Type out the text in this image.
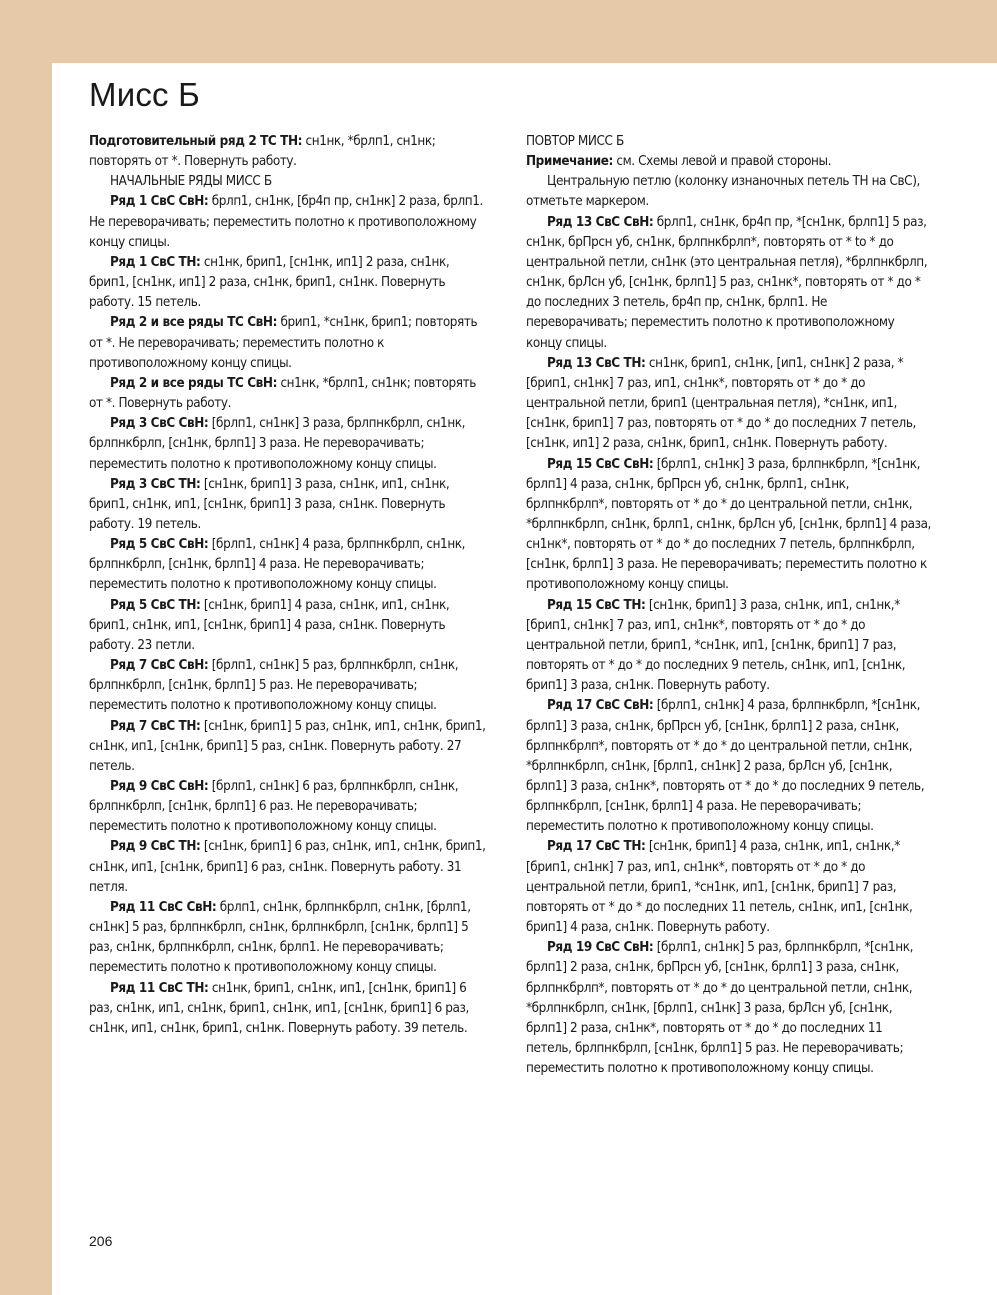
Мисс Б

Подготовительный ряд 2 ТС ТН: сн1нк, *брлп1, сн1нк; повторять от *. Повернуть работу.

НАЧАЛЬНЫЕ РЯДЫ МИСС Б

Ряд 1 СвС СвН: брлп1, сн1нк, [бр4п пр, сн1нк] 2 раза, брлп1. Не переворачивать; переместить полотно к противоположному концу спицы.

Ряд 1 СвС ТН: сн1нк, брип1, [сн1нк, ип1] 2 раза, сн1нк, брип1, [сн1нк, ип1] 2 раза, сн1нк, брип1, сн1нк. Повернуть работу. 15 петель.

Ряд 2 и все ряды ТС СвН: брип1, *сн1нк, брип1; повторять от *. Не переворачивать; переместить полотно к противоположному концу спицы.

Ряд 2 и все ряды ТС СвН: сн1нк, *брлп1, сн1нк; повторять от *. Повернуть работу.

Ряд 3 СвС СвН: [брлп1, сн1нк] 3 раза, брлпнкбрлп, сн1нк, брлпнкбрлп, [сн1нк, брлп1] 3 раза. Не переворачивать; переместить полотно к противоположному концу спицы.

Ряд 3 СвС ТН: [сн1нк, брип1] 3 раза, сн1нк, ип1, сн1нк, брип1, сн1нк, ип1, [сн1нк, брип1] 3 раза, сн1нк. Повернуть работу. 19 петель.

Ряд 5 СвС СвН: [брлп1, сн1нк] 4 раза, брлпнкбрлп, сн1нк, брлпнкбрлп, [сн1нк, брлп1] 4 раза. Не переворачивать; переместить полотно к противоположному концу спицы.

Ряд 5 СвС ТН: [сн1нк, брип1] 4 раза, сн1нк, ип1, сн1нк, брип1, сн1нк, ип1, [сн1нк, брип1] 4 раза, сн1нк. Повернуть работу. 23 петли.

Ряд 7 СвС СвН: [брлп1, сн1нк] 5 раз, брлпнкбрлп, сн1нк, брлпнкбрлп, [сн1нк, брлп1] 5 раз. Не переворачивать; переместить полотно к противоположному концу спицы.

Ряд 7 СвС ТН: [сн1нк, брип1] 5 раз, сн1нк, ип1, сн1нк, брип1, сн1нк, ип1, [сн1нк, брип1] 5 раз, сн1нк. Повернуть работу. 27 петель.

Ряд 9 СвС СвН: [брлп1, сн1нк] 6 раз, брлпнкбрлп, сн1нк, брлпнкбрлп, [сн1нк, брлп1] 6 раз. Не переворачивать; переместить полотно к противоположному концу спицы.

Ряд 9 СвС ТН: [сн1нк, брип1] 6 раз, сн1нк, ип1, сн1нк, брип1, сн1нк, ип1, [сн1нк, брип1] 6 раз, сн1нк. Повернуть работу. 31 петля.

Ряд 11 СвС СвН: брлп1, сн1нк, брлпнкбрлп, сн1нк, [брлп1, сн1нк] 5 раз, брлпнкбрлп, сн1нк, брлпнкбрлп, [сн1нк, брлп1] 5 раз, сн1нк, брлпнкбрлп, сн1нк, брлп1. Не переворачивать; переместить полотно к противоположному концу спицы.

Ряд 11 СвС ТН: сн1нк, брип1, сн1нк, ип1, [сн1нк, брип1] 6 раз, сн1нк, ип1, сн1нк, брип1, сн1нк, ип1, [сн1нк, брип1] 6 раз, сн1нк, ип1, сн1нк, брип1, сн1нк. Повернуть работу. 39 петель.

ПОВТОР МИСС Б

Примечание: см. Схемы левой и правой стороны.

Центральную петлю (колонку изнаночных петель ТН на СвС), отметьте маркером.

Ряд 13 СвС СвН: брлп1, сн1нк, бр4п пр, *[сн1нк, брлп1] 5 раз, сн1нк, брПрсн уб, сн1нк, брлпнкбрлп*, повторять от * to * до центральной петли, сн1нк (это центральная петля), *брлпнкбрлп, сн1нк, брЛсн уб, [сн1нк, брлп1] 5 раз, сн1нк*, повторять от * до * до последних 3 петель, бр4п пр, сн1нк, брлп1. Не переворачивать; переместить полотно к противоположному концу спицы.

Ряд 13 СвС ТН: сн1нк, брип1, сн1нк, [ип1, сн1нк] 2 раза, *[брип1, сн1нк] 7 раз, ип1, сн1нк*, повторять от * до * до центральной петли, брип1 (центральная петля), *сн1нк, ип1, [сн1нк, брип1] 7 раз, повторять от * до * до последних 7 петель, [сн1нк, ип1] 2 раза, сн1нк, брип1, сн1нк. Повернуть работу.

Ряд 15 СвС СвН: [брлп1, сн1нк] 3 раза, брлпнкбрлп, *[сн1нк, брлп1] 4 раза, сн1нк, брПрсн уб, сн1нк, брлп1, сн1нк, брлпнкбрлп*, повторять от * до * до центральной петли, сн1нк, *брлпнкбрлп, сн1нк, брлп1, сн1нк, брЛсн уб, [сн1нк, брлп1] 4 раза, сн1нк*, повторять от * до * до последних 7 петель, брлпнкбрлп, [сн1нк, брлп1] 3 раза. Не переворачивать; переместить полотно к противоположному концу спицы.

Ряд 15 СвС ТН: [сн1нк, брип1] 3 раза, сн1нк, ип1, сн1нк,*[брип1, сн1нк] 7 раз, ип1, сн1нк*, повторять от * до * до центральной петли, брип1, *сн1нк, ип1, [сн1нк, брип1] 7 раз, повторять от * до * до последних 9 петель, сн1нк, ип1, [сн1нк, брип1] 3 раза, сн1нк. Повернуть работу.

Ряд 17 СвС СвН: [брлп1, сн1нк] 4 раза, брлпнкбрлп, *[сн1нк, брлп1] 3 раза, сн1нк, брПрсн уб, [сн1нк, брлп1] 2 раза, сн1нк, брлпнкбрлп*, повторять от * до * до центральной петли, сн1нк, *брлпнкбрлп, сн1нк, [брлп1, сн1нк] 2 раза, брЛсн уб, [сн1нк, брлп1] 3 раза, сн1нк*, повторять от * до * до последних 9 петель, брлпнкбрлп, [сн1нк, брлп1] 4 раза. Не переворачивать; переместить полотно к противоположному концу спицы.

Ряд 17 СвС ТН: [сн1нк, брип1] 4 раза, сн1нк, ип1, сн1нк,*[брип1, сн1нк] 7 раз, ип1, сн1нк*, повторять от * до * до центральной петли, брип1, *сн1нк, ип1, [сн1нк, брип1] 7 раз, повторять от * до * до последних 11 петель, сн1нк, ип1, [сн1нк, брип1] 4 раза, сн1нк. Повернуть работу.

Ряд 19 СвС СвН: [брлп1, сн1нк] 5 раз, брлпнкбрлп, *[сн1нк, брлп1] 2 раза, сн1нк, брПрсн уб, [сн1нк, брлп1] 3 раза, сн1нк, брлпнкбрлп*, повторять от * до * до центральной петли, сн1нк, *брлпнкбрлп, сн1нк, [брлп1, сн1нк] 3 раза, брЛсн уб, [сн1нк, брлп1] 2 раза, сн1нк*, повторять от * до * до последних 11 петель, брлпнкбрлп, [сн1нк, брлп1] 5 раз. Не переворачивать; переместить полотно к противоположному концу спицы.

206
